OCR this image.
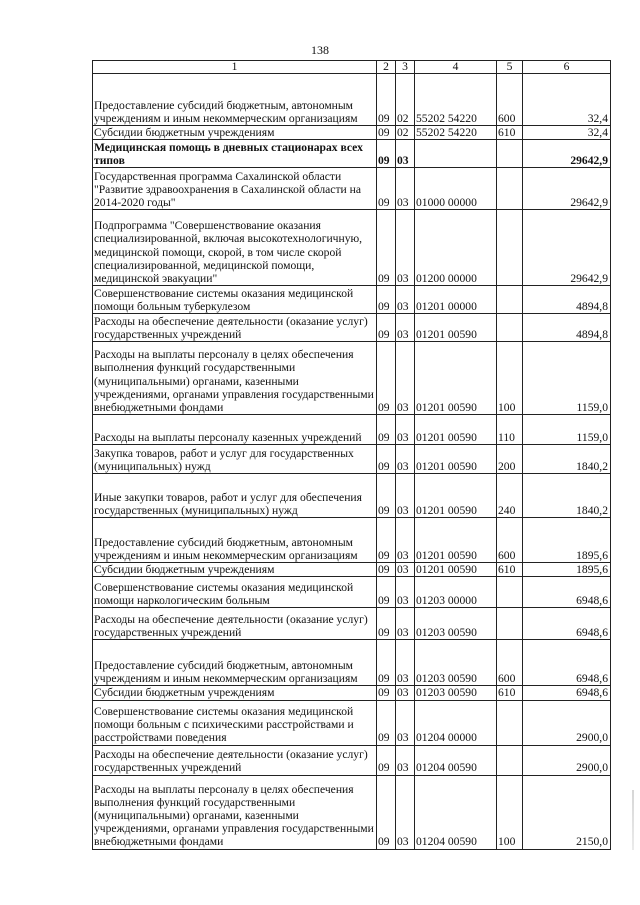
138
1	2	3	4	5	6
Предоставление субсидий бюджетным, автономным учреждениям и иным некоммерческим организациям	09	02	55202 54220	600	32,4
Субсидии бюджетным учреждениям	09	02	55202 54220	610	32,4
Медицинская помощь в дневных стационарах всех типов	09	03			29642,9
Государственная программа Сахалинской области "Развитие здравоохранения в Сахалинской области на 2014-2020 годы"	09	03	01000 00000		29642,9
Подпрограмма "Совершенствование оказания специализированной, включая высокотехнологичную, медицинской помощи, скорой, в том числе скорой специализированной, медицинской помощи, медицинской эвакуации"	09	03	01200 00000		29642,9
Совершенствование системы оказания медицинской помощи больным туберкулезом	09	03	01201 00000		4894,8
Расходы на обеспечение деятельности (оказание услуг) государственных учреждений	09	03	01201 00590		4894,8
Расходы на выплаты персоналу в целях обеспечения выполнения функций государственными (муниципальными) органами, казенными учреждениями, органами управления государственными внебюджетными фондами	09	03	01201 00590	100	1159,0
Расходы на выплаты персоналу казенных учреждений	09	03	01201 00590	110	1159,0
Закупка товаров, работ и услуг для государственных (муниципальных) нужд	09	03	01201 00590	200	1840,2
Иные закупки товаров, работ и услуг для обеспечения государственных (муниципальных) нужд	09	03	01201 00590	240	1840,2
Предоставление субсидий бюджетным, автономным учреждениям и иным некоммерческим организациям	09	03	01201 00590	600	1895,6
Субсидии бюджетным учреждениям	09	03	01201 00590	610	1895,6
Совершенствование системы оказания медицинской помощи наркологическим больным	09	03	01203 00000		6948,6
Расходы на обеспечение деятельности (оказание услуг) государственных учреждений	09	03	01203 00590		6948,6
Предоставление субсидий бюджетным, автономным учреждениям и иным некоммерческим организациям	09	03	01203 00590	600	6948,6
Субсидии бюджетным учреждениям	09	03	01203 00590	610	6948,6
Совершенствование системы оказания медицинской помощи больным с психическими расстройствами и расстройствами поведения	09	03	01204 00000		2900,0
Расходы на обеспечение деятельности (оказание услуг) государственных учреждений	09	03	01204 00590		2900,0
Расходы на выплаты персоналу в целях обеспечения выполнения функций государственными (муниципальными) органами, казенными учреждениями, органами управления государственными внебюджетными фондами	09	03	01204 00590	100	2150,0
